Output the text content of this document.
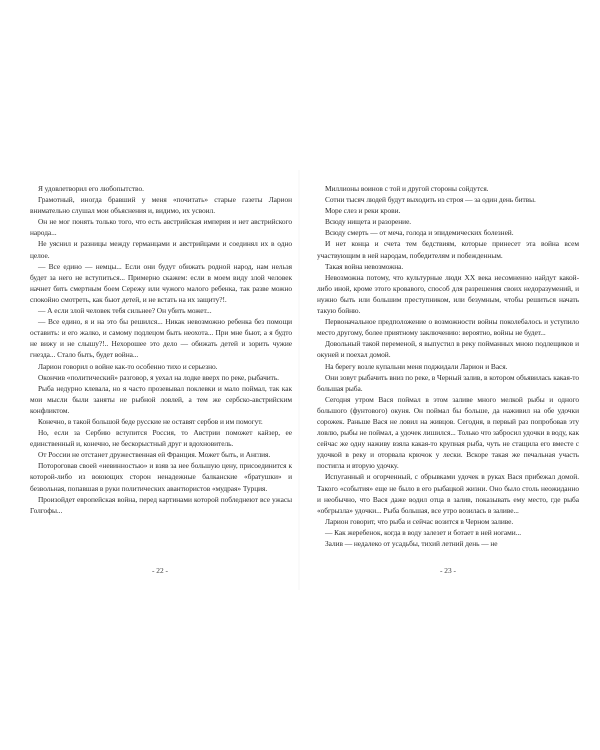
Я удовлетворил его любопытство.

Грамотный, иногда бравший у меня «почитать» старые газеты Ларион внимательно слушал мои объяснения и, видимо, их усвоил.

Он не мог понять только того, что есть австрийская империя и нет австрийского народа...

Не уяснил и разницы между германцами и австрийцами и соединял их в одно целое.

— Все едино — немцы... Если они будут обижать родной народ, нам нельзя будет за него не вступиться... Примерно скажем: если в моем виду злой человек начнет бить смертным боем Сережу или чужого малого ребенка, так разве можно спокойно смотреть, как бьют детей, и не встать на их защиту?!.

— А если злой человек тебя сильнее? Он убить может...

— Все едино, я и на это бы решился... Никак невозможно ребенка без помощи оставить: и его жалко, и самому подлецом быть неохота... При мне бьют, а я будто не вижу и не слышу?!.. Нехорошее это дело — обижать детей и зорить чужие гнезда... Стало быть, будет война...

Ларион говорил о войне как-то особенно тихо и серьезно.

Окончив «политический» разговор, я уехал на лодке вверх по реке, рыбачить.

Рыба недурно клевала, но я часто прозевывал поклевки и мало поймал, так как мои мысли были заняты не рыбной ловлей, а тем же сербско-австрийским конфликтом.

Конечно, в такой большой беде русские не оставят сербов и им помогут.

Но, если за Сербию вступится Россия, то Австрии поможет кайзер, ее единственный и, конечно, не бескорыстный друг и вдохновитель.

От России не отстанет дружественная ей Франция. Может быть, и Англия.

Потороговав своей «невинностью» и взяв за нее большую цену, присоединится к которой-либо из воюющих сторон ненадежные балканские «братушки» и безвольная, попавшая в руки политических авантюристов «мудрая» Турция.

Произойдет европейская война, перед картинами которой побледнеют все ужасы Голгофы...

- 22 -

Миллионы воинов с той и другой стороны сойдутся.

Сотни тысяч людей будут выходить из строя — за один день битвы.

Море слез и реки крови.

Всюду нищета и разорение.

Всюду смерть — от меча, голода и эпидемических болезней.

И нет конца и счета тем бедствиям, которые принесет эта война всем участвующим в ней народам, победителям и побежденным.

Такая война невозможна.

Невозможна потому, что культурные люди XX века несомненно найдут какой-либо иной, кроме этого кровавого, способ для разрешения своих недоразумений, и нужно быть или большим преступником, или безумным, чтобы решиться начать такую бойню.

Первоначальное предположение о возможности войны поколебалось и уступило место другому, более приятному заключению: вероятно, войны не будет...

Довольный такой переменой, я выпустил в реку пойманных мною подлещиков и окуней и поехал домой.

На берегу возле купальни меня поджидали Ларион и Вася.

Они зовут рыбачить вниз по реке, в Черный залив, в котором объявилась какая-то большая рыба.

Сегодня утром Вася поймал в этом заливе много мелкой рыбы и одного большого (фунтового) окуня. Он поймал бы больше, да наживил на обе удочки сорожек. Раньше Вася не ловил на живцов. Сегодня, в первый раз попробовав эту ловлю, рыбы не поймал, а удочек лишился... Только что забросил удочки в воду, как сейчас же одну наживу взяла какая-то крупная рыба, чуть не стащила его вместе с удочкой в реку и оторвала крючок у лески. Вскоре такая же печальная участь постигла и вторую удочку.

Испуганный и огорченный, с обрывками удочек в руках Вася прибежал домой. Такого «события» еще не было в его рыбацкой жизни. Оно было столь неожиданно и необычно, что Вася даже водил отца в залив, показывать ему место, где рыба «обгрызла» удочки... Рыба большая, все утро возилась в заливе...

Ларион говорит, что рыба и сейчас возится в Черном заливе.

— Как жеребенок, когда в воду залезет и ботает в ней ногами...

Залив — недалеко от усадьбы, тихий летний день — не

- 23 -
